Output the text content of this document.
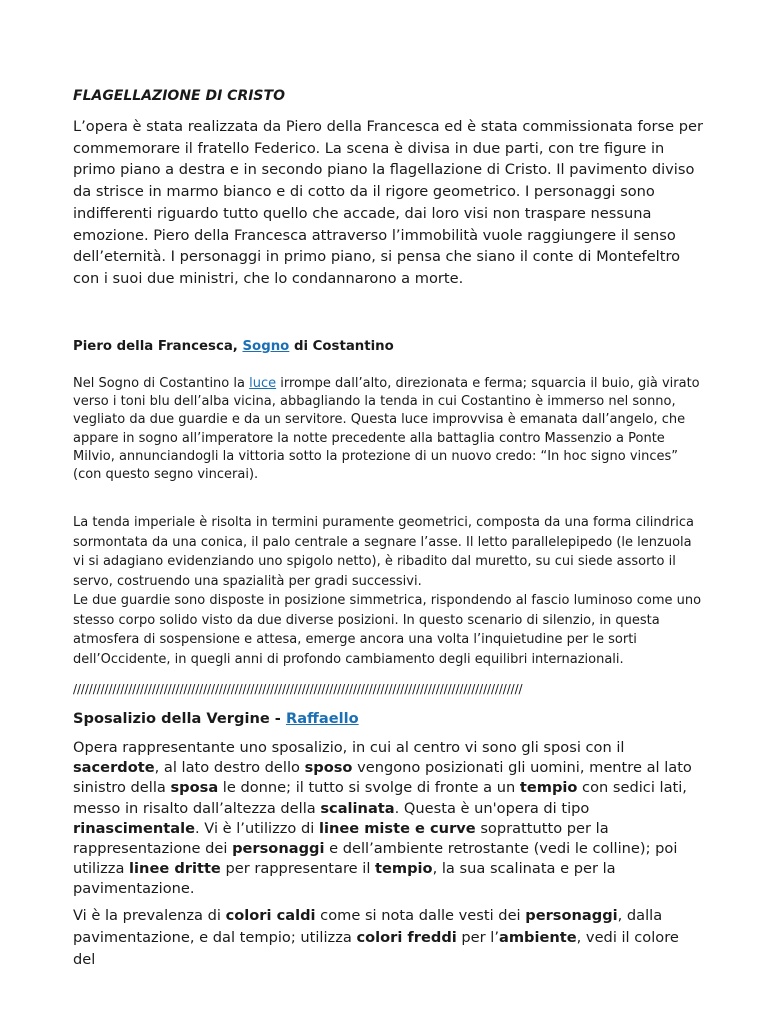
FLAGELLAZIONE DI CRISTO

L’opera è stata realizzata da Piero della Francesca ed è stata commissionata forse per commemorare il fratello Federico. La scena è divisa in due parti, con tre figure in primo piano a destra e in secondo piano la flagellazione di Cristo. Il pavimento diviso da strisce in marmo bianco e di cotto da il rigore geometrico. I personaggi sono indifferenti riguardo tutto quello che accade, dai loro visi non traspare nessuna emozione. Piero della Francesca attraverso l’immobilità vuole raggiungere il senso dell’eternità. I personaggi in primo piano, si pensa che siano il conte di Montefeltro con i suoi due ministri, che lo condannarono a morte.

Piero della Francesca, Sogno di Costantino

Nel Sogno di Costantino la luce irrompe dall’alto, direzionata e ferma; squarcia il buio, già virato verso i toni blu dell’alba vicina, abbagliando la tenda in cui Costantino è immerso nel sonno, vegliato da due guardie e da un servitore. Questa luce improvvisa è emanata dall’angelo, che appare in sogno all’imperatore la notte precedente alla battaglia contro Massenzio a Ponte Milvio, annunciandogli la vittoria sotto la protezione di un nuovo credo: “In hoc signo vinces” (con questo segno vincerai).

La tenda imperiale è risolta in termini puramente geometrici, composta da una forma cilindrica sormontata da una conica, il palo centrale a segnare l’asse. Il letto parallelepipedo (le lenzuola vi si adagiano evidenziando uno spigolo netto), è ribadito dal muretto, su cui siede assorto il servo, costruendo una spazialità per gradi successivi.
Le due guardie sono disposte in posizione simmetrica, rispondendo al fascio luminoso come uno stesso corpo solido visto da due diverse posizioni. In questo scenario di silenzio, in questa atmosfera di sospensione e attesa, emerge ancora una volta l’inquietudine per le sorti dell’Occidente, in quegli anni di profondo cambiamento degli equilibri internazionali.

//////////////////////////////////////////////////////////////////////////////////////////////////////////////////

Sposalizio della Vergine - Raffaello

Opera rappresentante uno sposalizio, in cui al centro vi sono gli sposi con il sacerdote, al lato destro dello sposo vengono posizionati gli uomini, mentre al lato sinistro della sposa le donne; il tutto si svolge di fronte a un tempio con sedici lati, messo in risalto dall’altezza della scalinata. Questa è un'opera di tipo rinascimentale. Vi è l’utilizzo di linee miste e curve soprattutto per la rappresentazione dei personaggi e dell’ambiente retrostante (vedi le colline); poi utilizza linee dritte per rappresentare il tempio, la sua scalinata e per la pavimentazione.

Vi è la prevalenza di colori caldi come si nota dalle vesti dei personaggi, dalla pavimentazione, e dal tempio; utilizza colori freddi per l’ambiente, vedi il colore del
